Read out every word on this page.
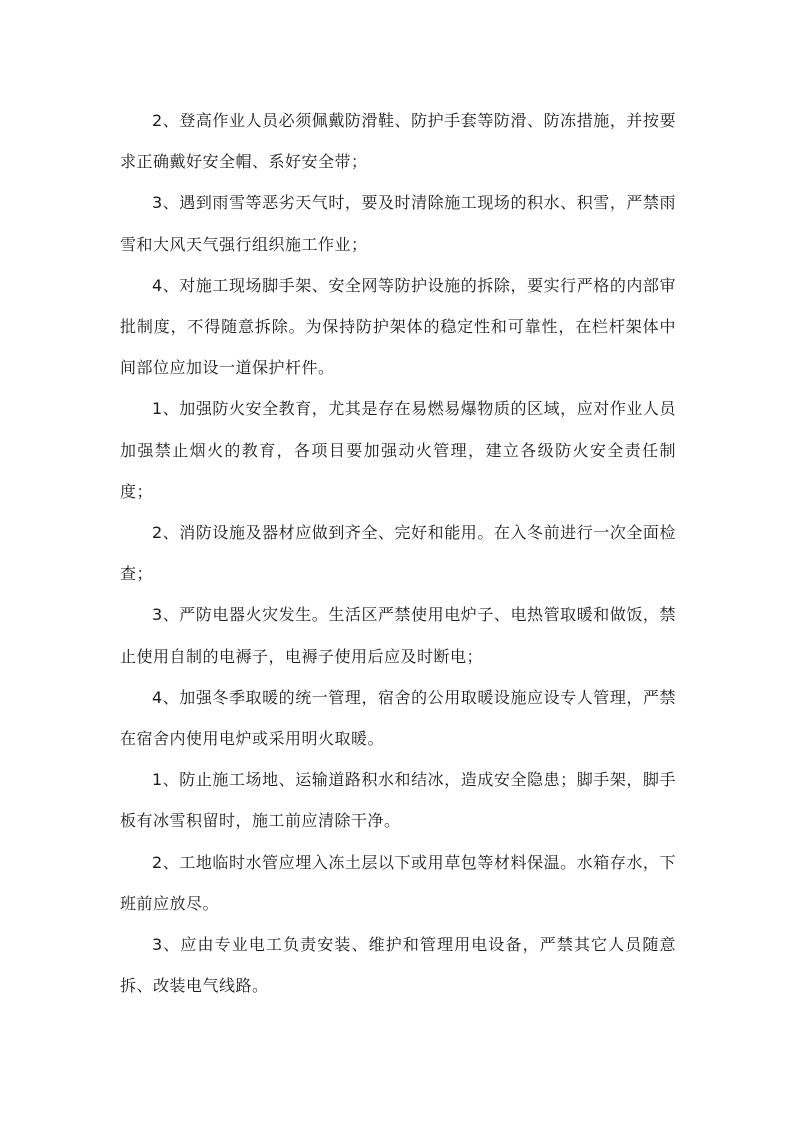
2、登高作业人员必须佩戴防滑鞋、防护手套等防滑、防冻措施，并按要求正确戴好安全帽、系好安全带；

3、遇到雨雪等恶劣天气时，要及时清除施工现场的积水、积雪，严禁雨雪和大风天气强行组织施工作业；

4、对施工现场脚手架、安全网等防护设施的拆除，要实行严格的内部审批制度，不得随意拆除。为保持防护架体的稳定性和可靠性，在栏杆架体中间部位应加设一道保护杆件。

1、加强防火安全教育，尤其是存在易燃易爆物质的区域，应对作业人员加强禁止烟火的教育，各项目要加强动火管理，建立各级防火安全责任制度；

2、消防设施及器材应做到齐全、完好和能用。在入冬前进行一次全面检查；

3、严防电器火灾发生。生活区严禁使用电炉子、电热管取暖和做饭，禁止使用自制的电褥子，电褥子使用后应及时断电；

4、加强冬季取暖的统一管理，宿舍的公用取暖设施应设专人管理，严禁在宿舍内使用电炉或采用明火取暖。

1、防止施工场地、运输道路积水和结冰，造成安全隐患；脚手架，脚手板有冰雪积留时，施工前应清除干净。

2、工地临时水管应埋入冻土层以下或用草包等材料保温。水箱存水，下班前应放尽。

3、应由专业电工负责安装、维护和管理用电设备，严禁其它人员随意拆、改装电气线路。
